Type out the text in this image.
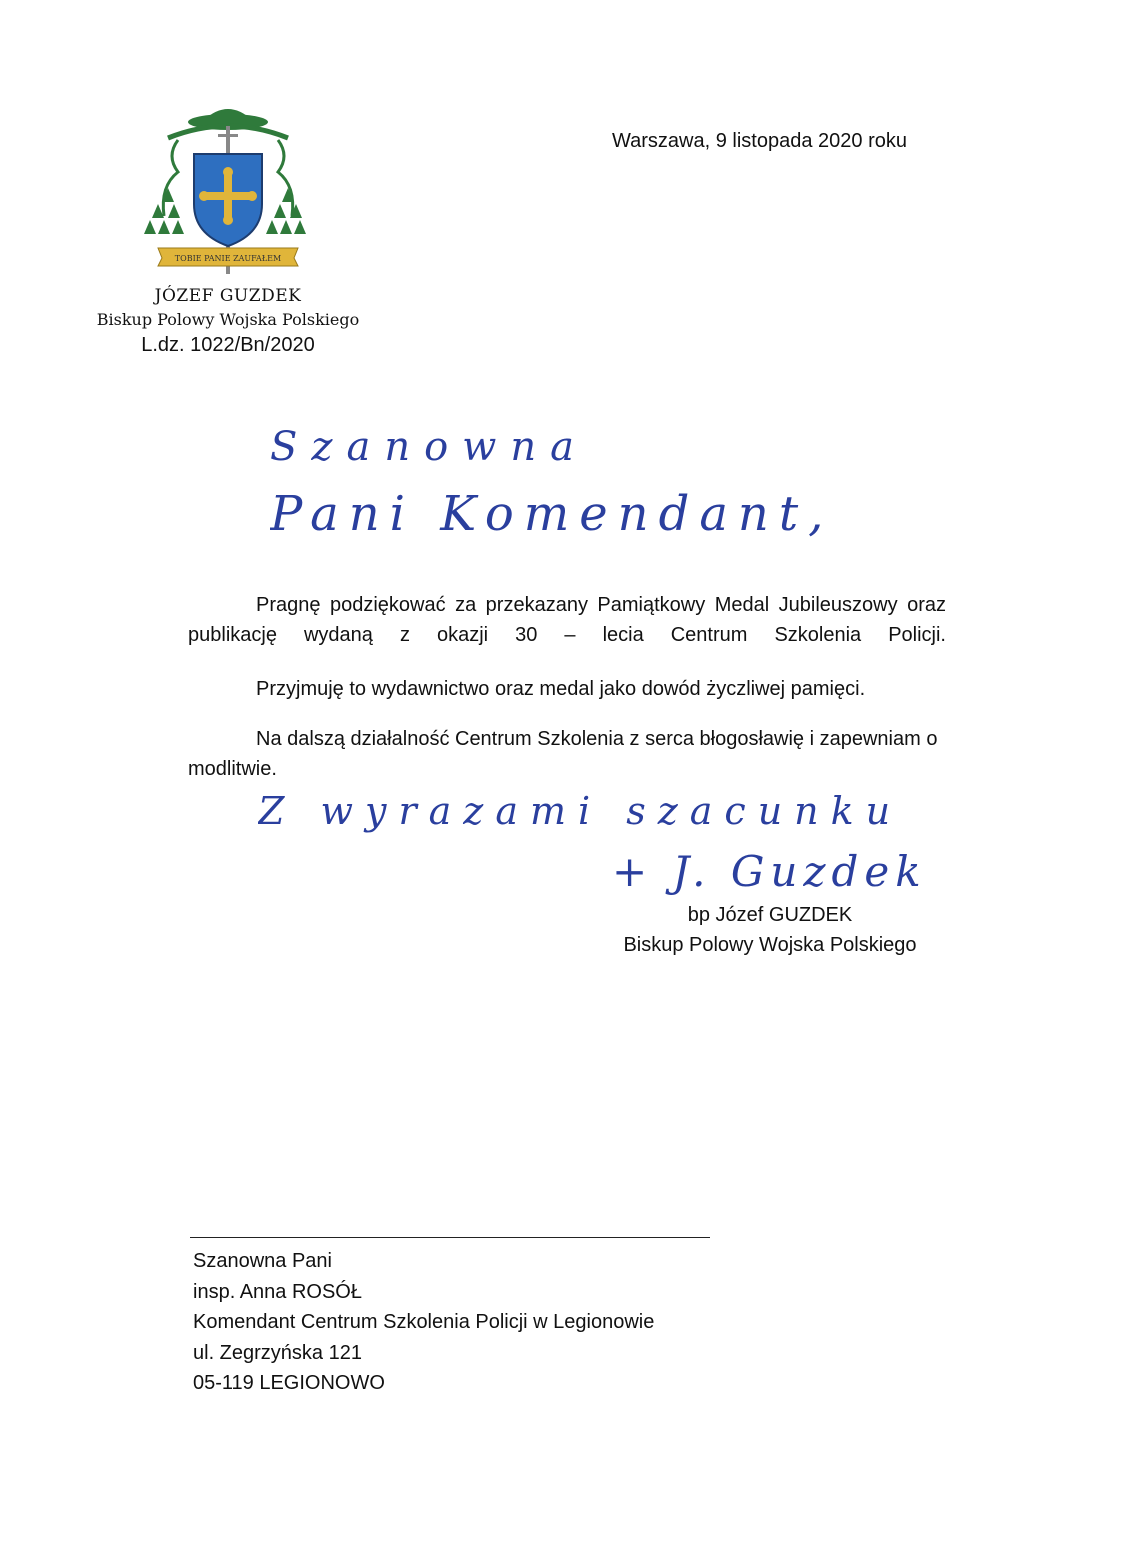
TOBIE PANIE ZAUFAŁEM
JÓZEF GUZDEK
Biskup Polowy Wojska Polskiego
L.dz. 1022/Bn/2020
Warszawa, 9 listopada 2020 roku
Szanowna
Pani Komendant,
Pragnę podziękować za przekazany Pamiątkowy Medal Jubileuszowy oraz publikację wydaną z okazji 30 – lecia Centrum Szkolenia Policji.
Przyjmuję to wydawnictwo oraz medal jako dowód życzliwej pamięci.
Na dalszą działalność Centrum Szkolenia z serca błogosławię i zapewniam o modlitwie.
Z wyrazami szacunku
+ J. Guzdek
bp Józef GUZDEK
Biskup Polowy Wojska Polskiego
Szanowna Pani
insp. Anna ROSÓŁ
Komendant Centrum Szkolenia Policji w Legionowie
ul. Zegrzyńska 121
05-119 LEGIONOWO
